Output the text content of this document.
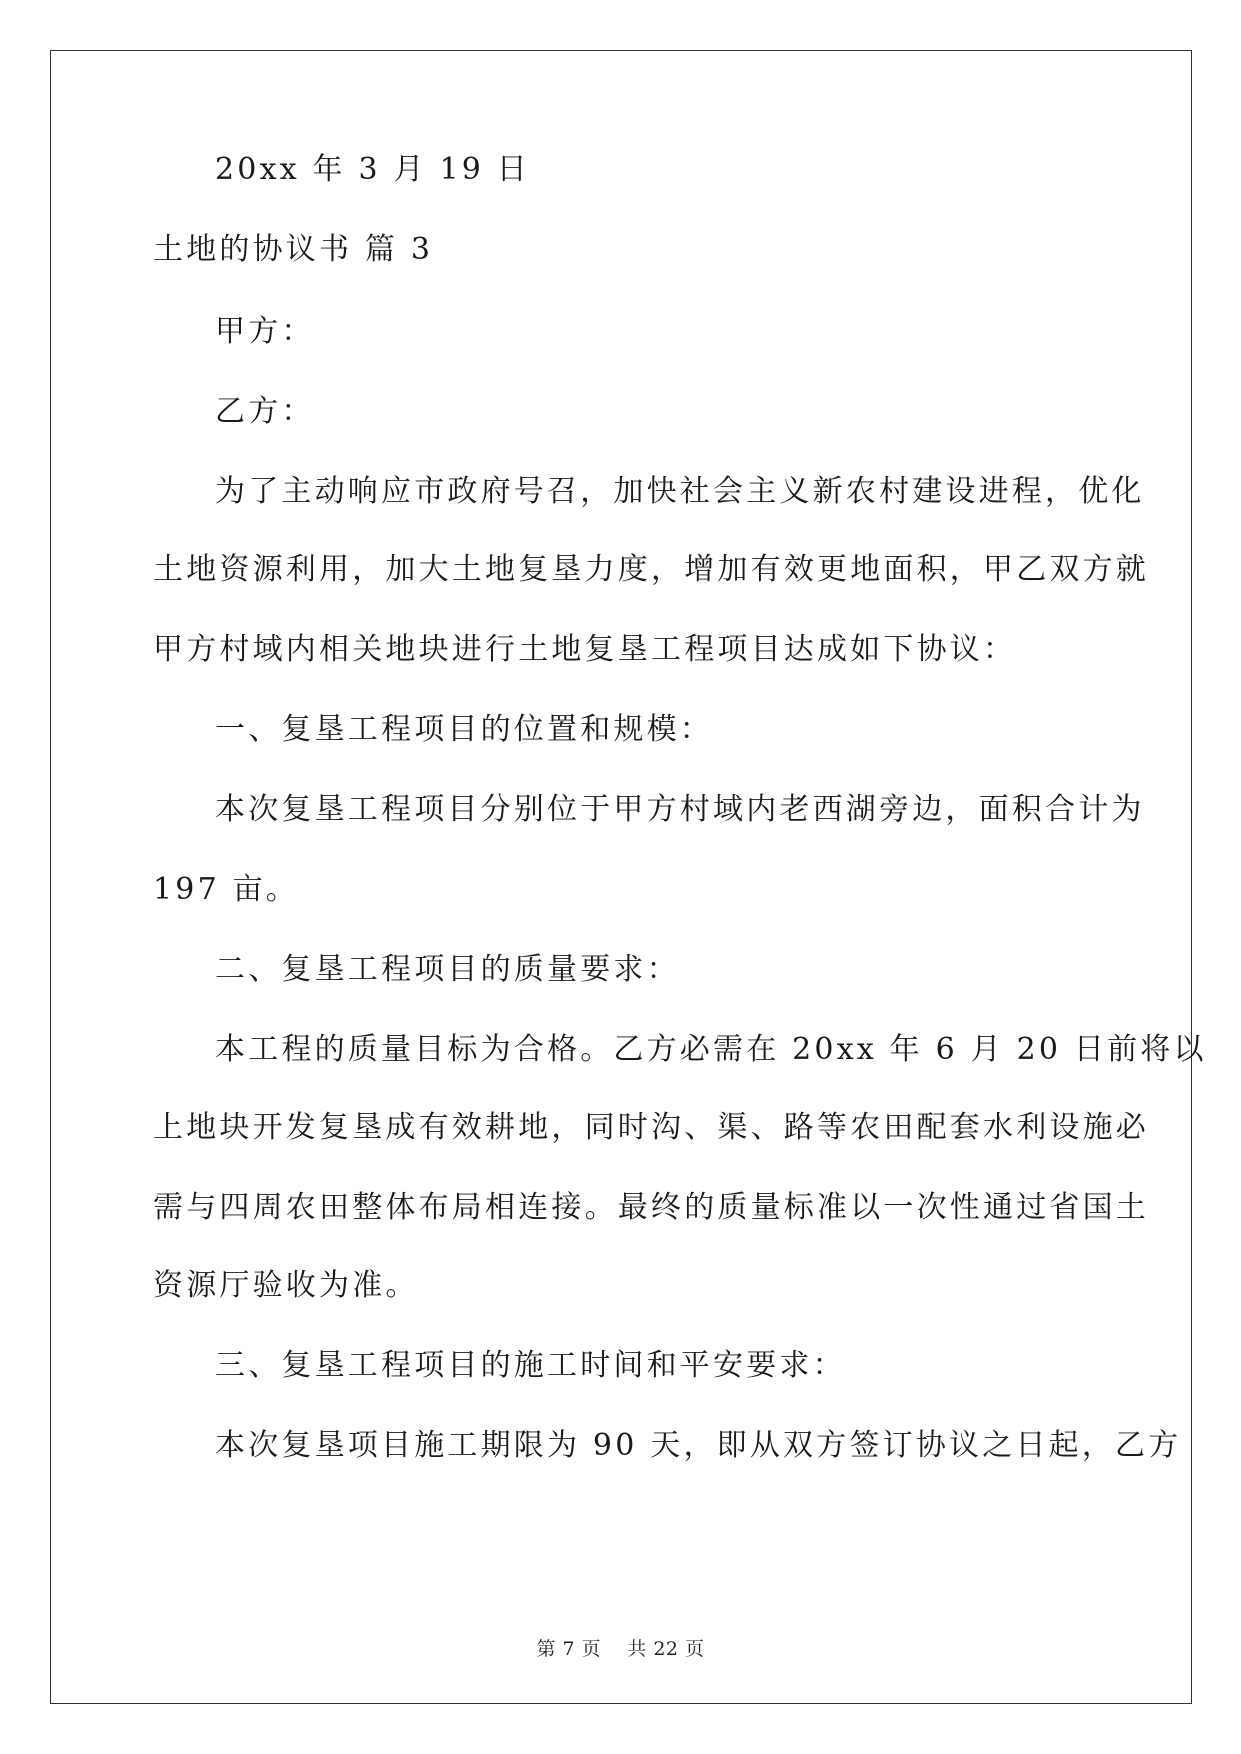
20xx 年 3 月 19 日
土地的协议书 篇 3
甲方：
乙方：
为了主动响应市政府号召，加快社会主义新农村建设进程，优化
土地资源利用，加大土地复垦力度，增加有效更地面积，甲乙双方就
甲方村域内相关地块进行土地复垦工程项目达成如下协议：
一、复垦工程项目的位置和规模：
本次复垦工程项目分别位于甲方村域内老西湖旁边，面积合计为
197 亩。
二、复垦工程项目的质量要求：
本工程的质量目标为合格。乙方必需在 20xx 年 6 月 20 日前将以
上地块开发复垦成有效耕地，同时沟、渠、路等农田配套水利设施必
需与四周农田整体布局相连接。最终的质量标准以一次性通过省国土
资源厅验收为准。
三、复垦工程项目的施工时间和平安要求：
本次复垦项目施工期限为 90 天，即从双方签订协议之日起，乙方
第 7 页 共 22 页
